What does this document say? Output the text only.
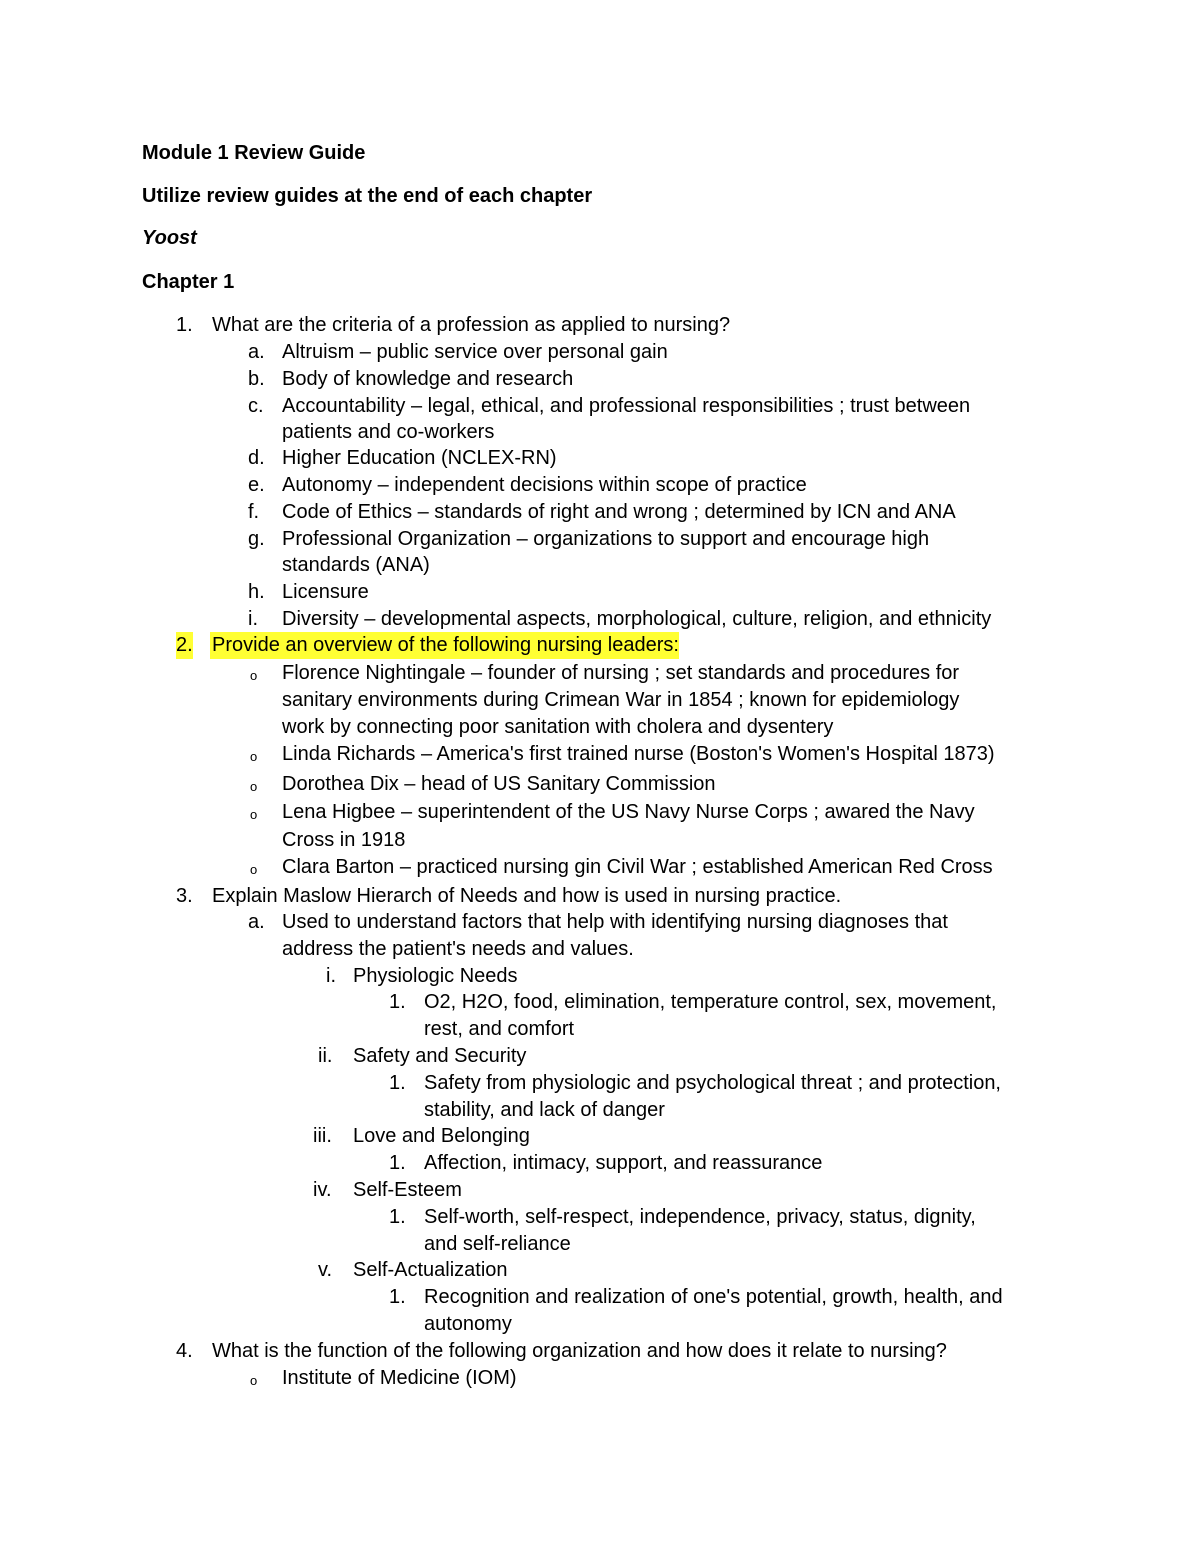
Module 1 Review Guide
Utilize review guides at the end of each chapter
Yoost
Chapter 1
1. What are the criteria of a profession as applied to nursing?
a. Altruism – public service over personal gain
b. Body of knowledge and research
c. Accountability – legal, ethical, and professional responsibilities ; trust between
patients and co-workers
d. Higher Education (NCLEX-RN)
e. Autonomy – independent decisions within scope of practice
f. Code of Ethics – standards of right and wrong ; determined by ICN and ANA
g. Professional Organization – organizations to support and encourage high
standards (ANA)
h. Licensure
i. Diversity – developmental aspects, morphological, culture, religion, and ethnicity
2. Provide an overview of the following nursing leaders:
o Florence Nightingale – founder of nursing ; set standards and procedures for
sanitary environments during Crimean War in 1854 ; known for epidemiology
work by connecting poor sanitation with cholera and dysentery
o Linda Richards – America's first trained nurse (Boston's Women's Hospital 1873)
o Dorothea Dix – head of US Sanitary Commission
o Lena Higbee – superintendent of the US Navy Nurse Corps ; awared the Navy
Cross in 1918
o Clara Barton – practiced nursing gin Civil War ; established American Red Cross
3. Explain Maslow Hierarch of Needs and how is used in nursing practice.
a. Used to understand factors that help with identifying nursing diagnoses that
address the patient's needs and values.
i. Physiologic Needs
1. O2, H2O, food, elimination, temperature control, sex, movement,
rest, and comfort
ii. Safety and Security
1. Safety from physiologic and psychological threat ; and protection,
stability, and lack of danger
iii. Love and Belonging
1. Affection, intimacy, support, and reassurance
iv. Self-Esteem
1. Self-worth, self-respect, independence, privacy, status, dignity,
and self-reliance
v. Self-Actualization
1. Recognition and realization of one's potential, growth, health, and
autonomy
4. What is the function of the following organization and how does it relate to nursing?
o Institute of Medicine (IOM)
